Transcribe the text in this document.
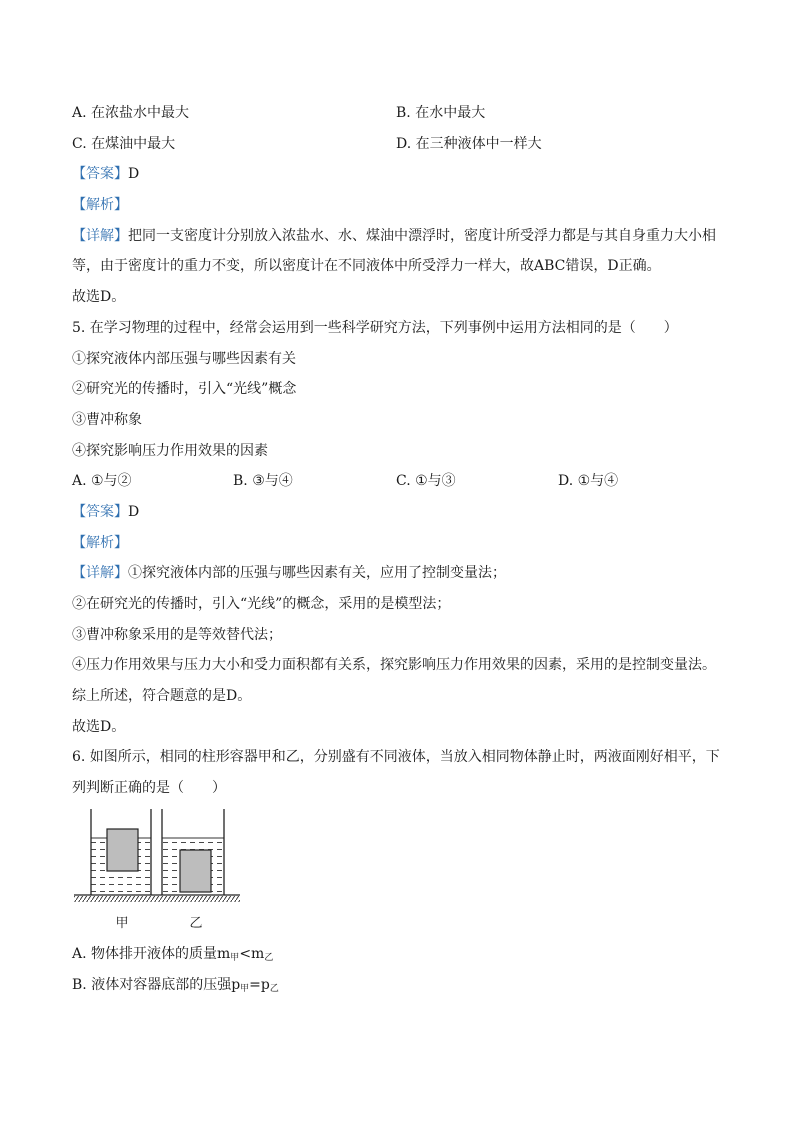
A. 在浓盐水中最大	B. 在水中最大
C. 在煤油中最大	D. 在三种液体中一样大
【答案】D
【解析】
【详解】把同一支密度计分别放入浓盐水、水、煤油中漂浮时，密度计所受浮力都是与其自身重力大小相
等，由于密度计的重力不变，所以密度计在不同液体中所受浮力一样大，故ABC错误，D正确。
故选D。
5. 在学习物理的过程中，经常会运用到一些科学研究方法，下列事例中运用方法相同的是（　　）
①探究液体内部压强与哪些因素有关
②研究光的传播时，引入“光线”概念
③曹冲称象
④探究影响压力作用效果的因素
A. ①与②	B. ③与④	C. ①与③	D. ①与④
【答案】D
【解析】
【详解】①探究液体内部的压强与哪些因素有关，应用了控制变量法；
②在研究光的传播时，引入“光线”的概念，采用的是模型法；
③曹冲称象采用的是等效替代法；
④压力作用效果与压力大小和受力面积都有关系，探究影响压力作用效果的因素，采用的是控制变量法。
综上所述，符合题意的是D。
故选D。
6. 如图所示，相同的柱形容器甲和乙，分别盛有不同液体，当放入相同物体静止时，两液面刚好相平，下
列判断正确的是（　　）
甲	乙
A. 物体排开液体的质量$m_甲<m_乙$
B. 液体对容器底部的压强$p_甲=p_乙$
